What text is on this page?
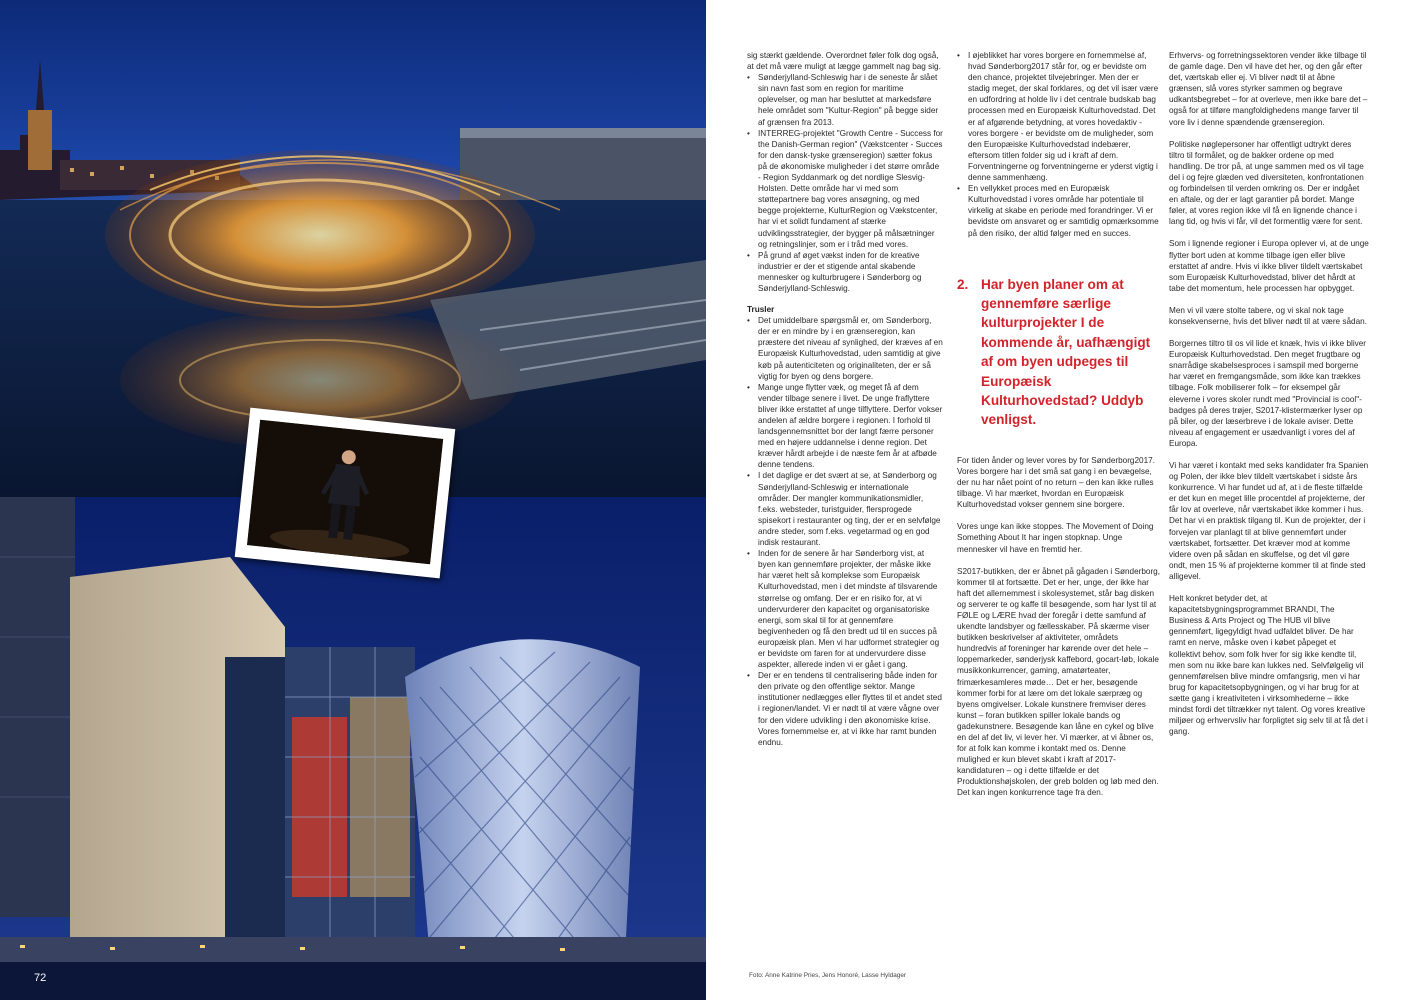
72

sig stærkt gældende. Overordnet føler folk dog også, at det må være muligt at lægge gammelt nag bag sig.

• Sønderjylland-Schleswig har i de seneste år slået sin navn fast som en region for maritime oplevelser, og man har besluttet at markedsføre hele området som "Kultur-Region" på begge sider af grænsen fra 2013.
• INTERREG-projektet "Growth Centre - Success for the Danish-German region" (Vækstcenter - Succes for den dansk-tyske grænseregion) sætter fokus på de økonomiske muligheder i det større område - Region Syddanmark og det nordlige Slesvig-Holsten. Dette område har vi med som støttepartnere bag vores ansøgning, og med begge projekterne, KulturRegion og Vækstcenter, har vi et solidt fundament af stærke udviklingsstrategier, der bygger på målsætninger og retningslinjer, som er i tråd med vores.
• På grund af øget vækst inden for de kreative industrier er der et stigende antal skabende mennesker og kulturbrugere i Sønderborg og Sønderjylland-Schleswig.
Trusler
• Det umiddelbare spørgsmål er, om Sønderborg, der er en mindre by i en grænseregion, kan præstere det niveau af synlighed, der kræves af en Europæisk Kulturhovedstad, uden samtidig at give køb på autenticiteten og originaliteten, der er så vigtig for byen og dens borgere.
• Mange unge flytter væk, og meget få af dem vender tilbage senere i livet. De unge fraflyttere bliver ikke erstattet af unge tilflyttere. Derfor vokser andelen af ældre borgere i regionen. I forhold til landsgennemsnittet bor der langt færre personer med en højere uddannelse i denne region. Det kræver hårdt arbejde i de næste fem år at afbøde denne tendens.
• I det daglige er det svært at se, at Sønderborg og Sønderjylland-Schleswig er internationale områder. Der mangler kommunikationsmidler, f.eks. websteder, turistguider, flersprogede spisekort i restauranter og ting, der er en selvfølge andre steder, som f.eks. vegetarmad og en god indisk restaurant.
• Inden for de senere år har Sønderborg vist, at byen kan gennemføre projekter, der måske ikke har været helt så komplekse som Europæisk Kulturhovedstad, men i det mindste af tilsvarende størrelse og omfang. Der er en risiko for, at vi undervurderer den kapacitet og organisatoriske energi, som skal til for at gennemføre begivenheden og få den bredt ud til en succes på europæisk plan. Men vi har udformet strategier og er bevidste om faren for at undervurdere disse aspekter, allerede inden vi er gået i gang.
• Der er en tendens til centralisering både inden for den private og den offentlige sektor. Mange institutioner nedlægges eller flyttes til et andet sted i regionen/landet. Vi er nødt til at være vågne over for den videre udvikling i den økonomiske krise. Vores fornemmelse er, at vi ikke har ramt bunden endnu.
• I øjeblikket har vores borgere en fornemmelse af, hvad Sønderborg2017 står for, og er bevidste om den chance, projektet tilvejebringer. Men der er stadig meget, der skal forklares, og det vil især være en udfordring at holde liv i det centrale budskab bag processen med en Europæisk Kulturhovedstad. Det er af afgørende betydning, at vores hovedaktiv - vores borgere - er bevidste om de muligheder, som den Europæiske Kulturhovedstad indebærer, eftersom titlen folder sig ud i kraft af dem. Forventningerne og forventningerne er yderst vigtig i denne sammenhæng.
• En vellykket proces med en Europæisk Kulturhovedstad i vores område har potentiale til virkelig at skabe en periode med forandringer. Vi er bevidste om ansvaret og er samtidig opmærksomme på den risiko, der altid følger med en succes.
2. Har byen planer om at gennemføre særlige kulturprojekter I de kommende år, uafhængigt af om byen udpeges til Europæisk Kulturhovedstad? Uddyb venligst.

For tiden ånder og lever vores by for Sønderborg2017. Vores borgere har i det små sat gang i en bevægelse, der nu har nået point of no return – den kan ikke rulles tilbage. Vi har mærket, hvordan en Europæisk Kulturhovedstad vokser gennem sine borgere.

Vores unge kan ikke stoppes. The Movement of Doing Something About It har ingen stopknap. Unge mennesker vil have en fremtid her.

S2017-butikken, der er åbnet på gågaden i Sønderborg, kommer til at fortsætte. Det er her, unge, der ikke har haft det allernemmest i skolesystemet, står bag disken og serverer te og kaffe til besøgende, som har lyst til at FØLE og LÆRE hvad der foregår i dette samfund af ukendte landsbyer og fællesskaber. På skærme viser butikken beskrivelser af aktiviteter, områdets hundredvis af foreninger har kørende over det hele – loppemarkeder, sønderjysk kaffebord, gocart-løb, lokale musikkonkurrencer, gaming, amatørteater, frimærkesamleres møde… Det er her, besøgende kommer forbi for at lære om det lokale særpræg og byens omgivelser. Lokale kunstnere fremviser deres kunst – foran butikken spiller lokale bands og gadekunstnere. Besøgende kan låne en cykel og blive en del af det liv, vi lever her. Vi mærker, at vi åbner os, for at folk kan komme i kontakt med os. Denne mulighed er kun blevet skabt i kraft af 2017-kandidaturen – og i dette tilfælde er det Produktionshøjskolen, der greb bolden og løb med den. Det kan ingen konkurrence tage fra den.

Erhvervs- og forretningssektoren vender ikke tilbage til de gamle dage. Den vil have det her, og den går efter det, værtskab eller ej. Vi bliver nødt til at åbne grænsen, slå vores styrker sammen og begrave udkantsbegrebet – for at overleve, men ikke bare det – også for at tilføre mangfoldighedens mange farver til vore liv i denne spændende grænseregion.

Politiske nøglepersoner har offentligt udtrykt deres tiltro til formålet, og de bakker ordene op med handling. De tror på, at unge sammen med os vil tage del i og fejre glæden ved diversiteten, konfrontationen og forbindelsen til verden omkring os. Der er indgået en aftale, og der er lagt garantier på bordet. Mange føler, at vores region ikke vil få en lignende chance i lang tid, og hvis vi får, vil det formentlig være for sent.

Som i lignende regioner i Europa oplever vi, at de unge flytter bort uden at komme tilbage igen eller blive erstattet af andre. Hvis vi ikke bliver tildelt værtskabet som Europæisk Kulturhovedstad, bliver det hårdt at tabe det momentum, hele processen har opbygget.

Men vi vil være stolte tabere, og vi skal nok tage konsekvenserne, hvis det bliver nødt til at være sådan.

Borgernes tiltro til os vil lide et knæk, hvis vi ikke bliver Europæisk Kulturhovedstad. Den meget frugtbare og snarrådige skabelsesproces i samspil med borgerne har været en fremgangsmåde, som ikke kan trækkes tilbage. Folk mobiliserer folk – for eksempel går eleverne i vores skoler rundt med "Provincial is cool"-badges på deres trøjer, S2017-klistermærker lyser op på biler, og der læserbreve i de lokale aviser. Dette niveau af engagement er usædvanligt i vores del af Europa.

Vi har været i kontakt med seks kandidater fra Spanien og Polen, der ikke blev tildelt værtskabet i sidste års konkurrence. Vi har fundet ud af, at i de fleste tilfælde er det kun en meget lille procentdel af projekterne, der får lov at overleve, når værtskabet ikke kommer i hus. Det har vi en praktisk tilgang til. Kun de projekter, der i forvejen var planlagt til at blive gennemført under værtskabet, fortsætter. Det kræver mod at komme videre oven på sådan en skuffelse, og det vil gøre ondt, men 15 % af projekterne kommer til at finde sted alligevel.

Helt konkret betyder det, at kapacitetsbygningsprogrammet BRANDI, The Business & Arts Project og The HUB vil blive gennemført, ligegyldigt hvad udfaldet bliver. De har ramt en nerve, måske oven i købet påpeget et kollektivt behov, som folk hver for sig ikke kendte til, men som nu ikke bare kan lukkes ned. Selvfølgelig vil gennemførelsen blive mindre omfangsrig, men vi har brug for kapacitetsopbygningen, og vi har brug for at sætte gang i kreativiteten i virksomhederne – ikke mindst fordi det tiltrækker nyt talent. Og vores kreative miljøer og erhvervsliv har forpligtet sig selv til at få det i gang.

Foto: Anne Katrine Pries, Jens Honoré, Lasse Hyldager
